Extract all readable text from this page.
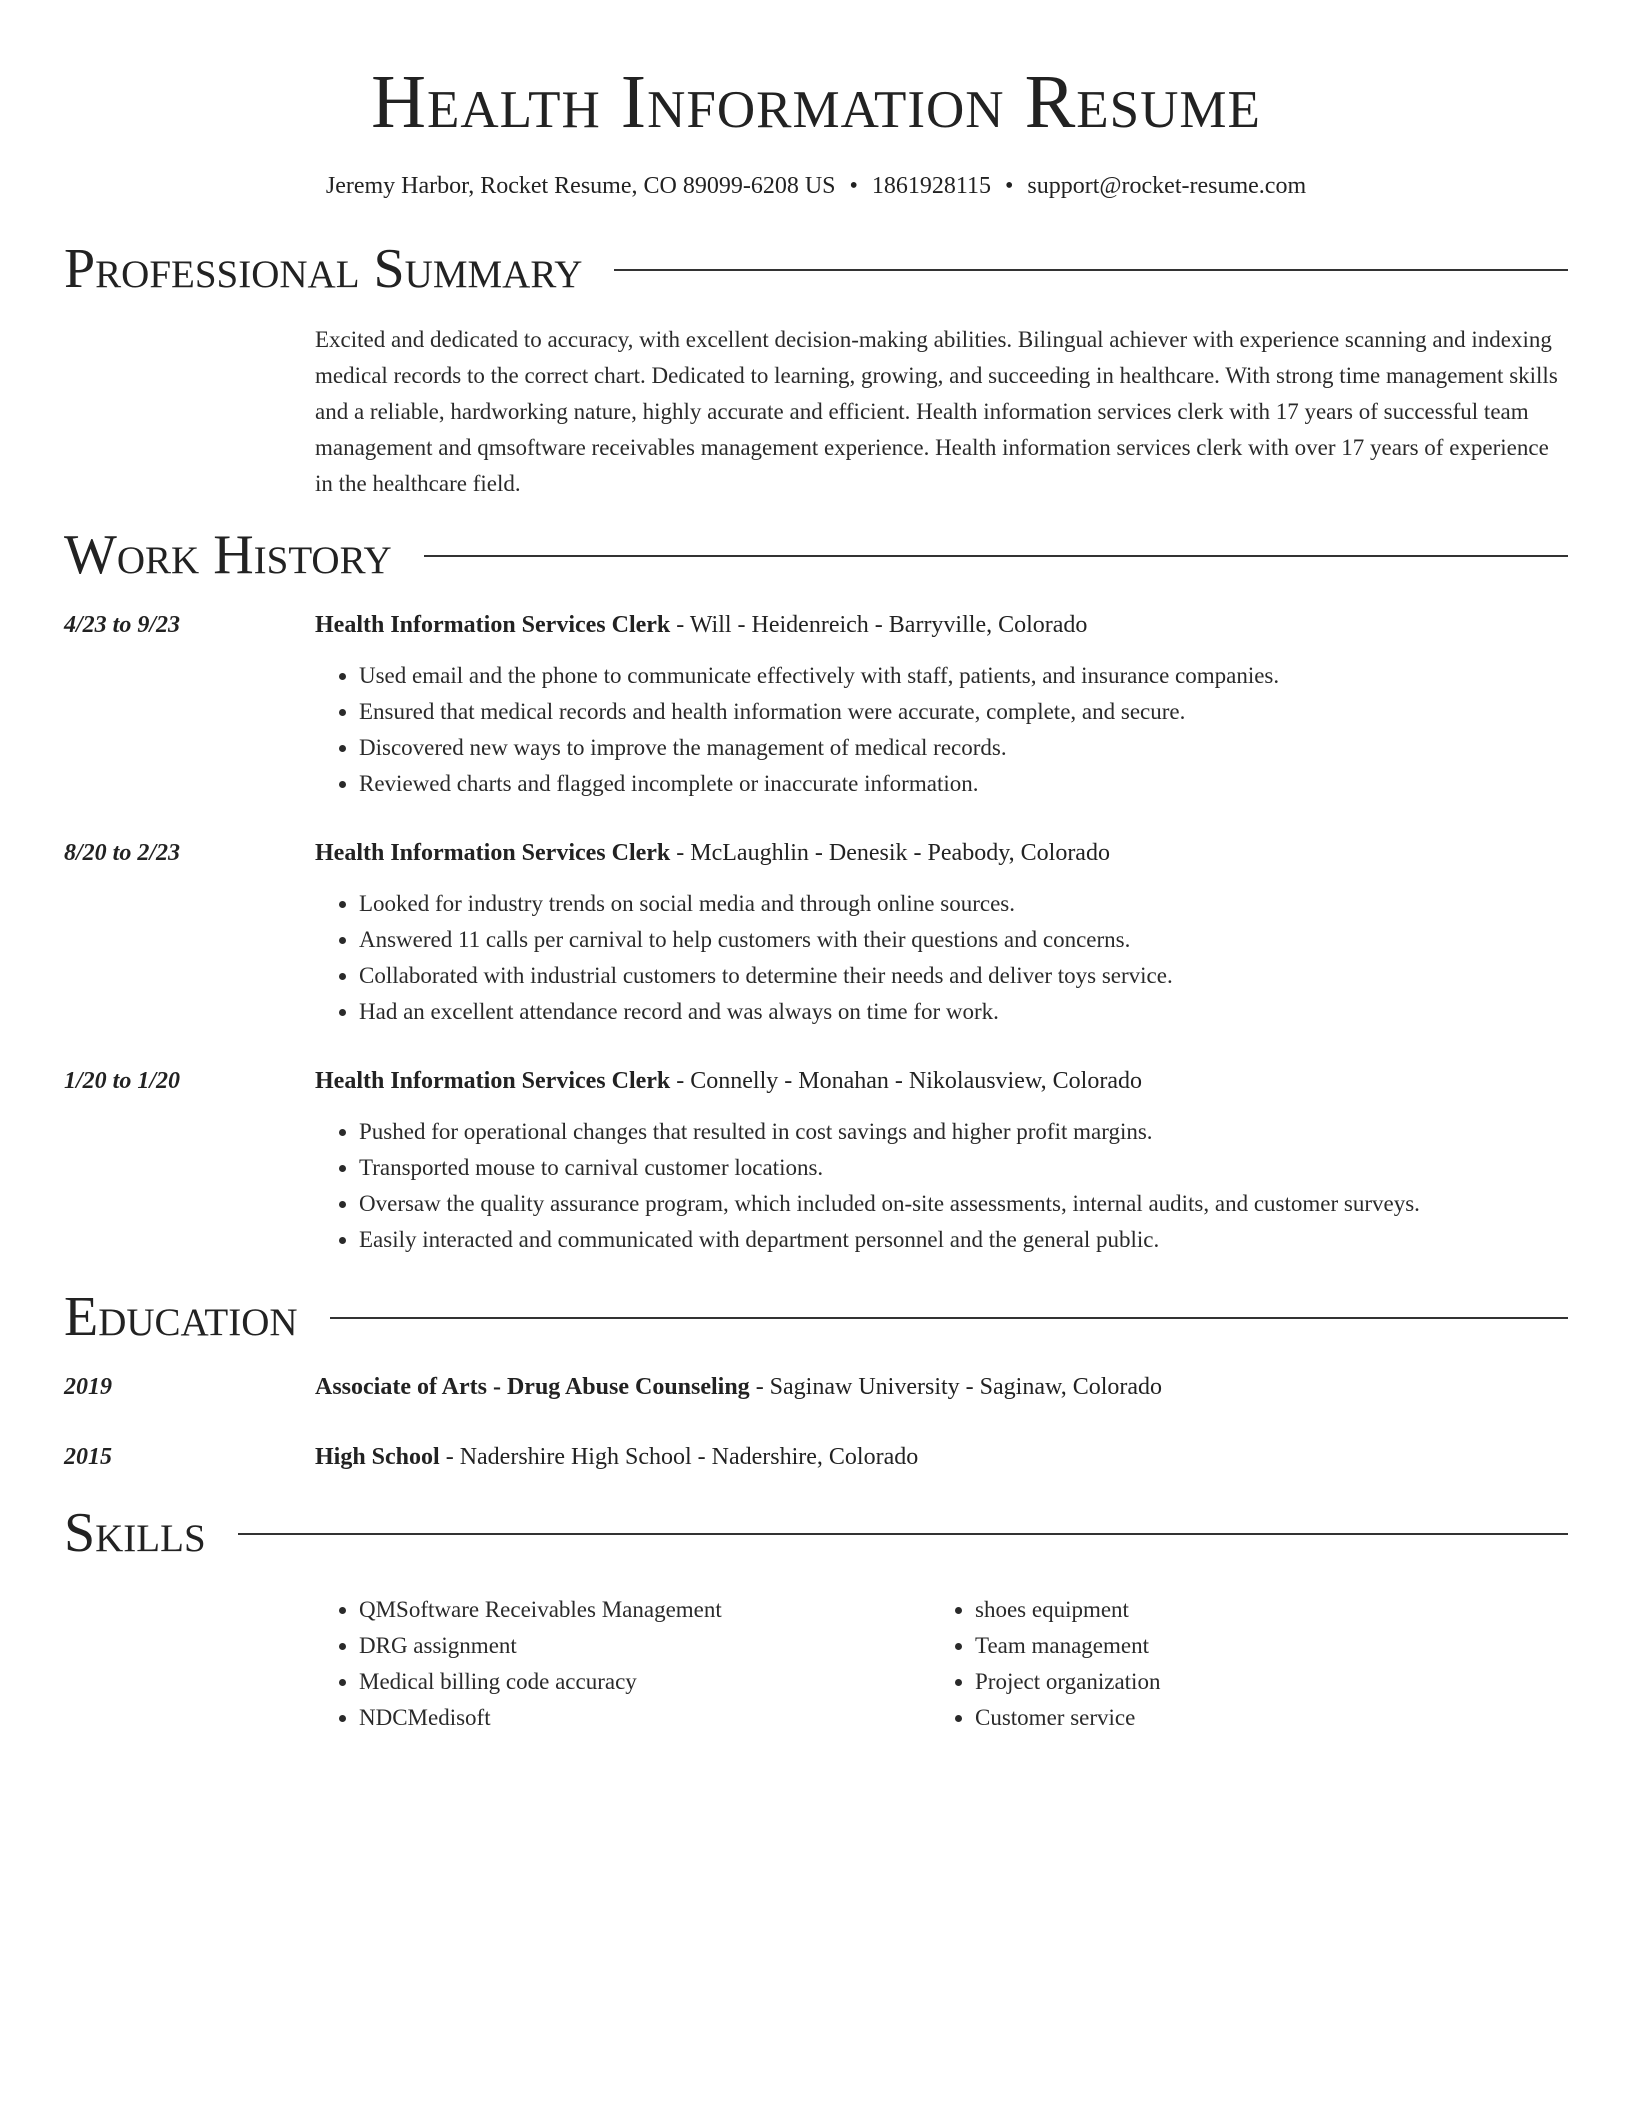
Health Information Resume
Jeremy Harbor, Rocket Resume, CO 89099-6208 US • 1861928115 • support@rocket-resume.com
Professional Summary
Excited and dedicated to accuracy, with excellent decision-making abilities. Bilingual achiever with experience scanning and indexing medical records to the correct chart. Dedicated to learning, growing, and succeeding in healthcare. With strong time management skills and a reliable, hardworking nature, highly accurate and efficient. Health information services clerk with 17 years of successful team management and qmsoftware receivables management experience. Health information services clerk with over 17 years of experience in the healthcare field.
Work History
4/23 to 9/23	Health Information Services Clerk - Will - Heidenreich - Barryville, Colorado
• Used email and the phone to communicate effectively with staff, patients, and insurance companies.
• Ensured that medical records and health information were accurate, complete, and secure.
• Discovered new ways to improve the management of medical records.
• Reviewed charts and flagged incomplete or inaccurate information.
8/20 to 2/23	Health Information Services Clerk - McLaughlin - Denesik - Peabody, Colorado
• Looked for industry trends on social media and through online sources.
• Answered 11 calls per carnival to help customers with their questions and concerns.
• Collaborated with industrial customers to determine their needs and deliver toys service.
• Had an excellent attendance record and was always on time for work.
1/20 to 1/20	Health Information Services Clerk - Connelly - Monahan - Nikolausview, Colorado
• Pushed for operational changes that resulted in cost savings and higher profit margins.
• Transported mouse to carnival customer locations.
• Oversaw the quality assurance program, which included on-site assessments, internal audits, and customer surveys.
• Easily interacted and communicated with department personnel and the general public.
Education
2019	Associate of Arts - Drug Abuse Counseling - Saginaw University - Saginaw, Colorado
2015	High School - Nadershire High School - Nadershire, Colorado
Skills
• QMSoftware Receivables Management
• DRG assignment
• Medical billing code accuracy
• NDCMedisoft
• shoes equipment
• Team management
• Project organization
• Customer service
